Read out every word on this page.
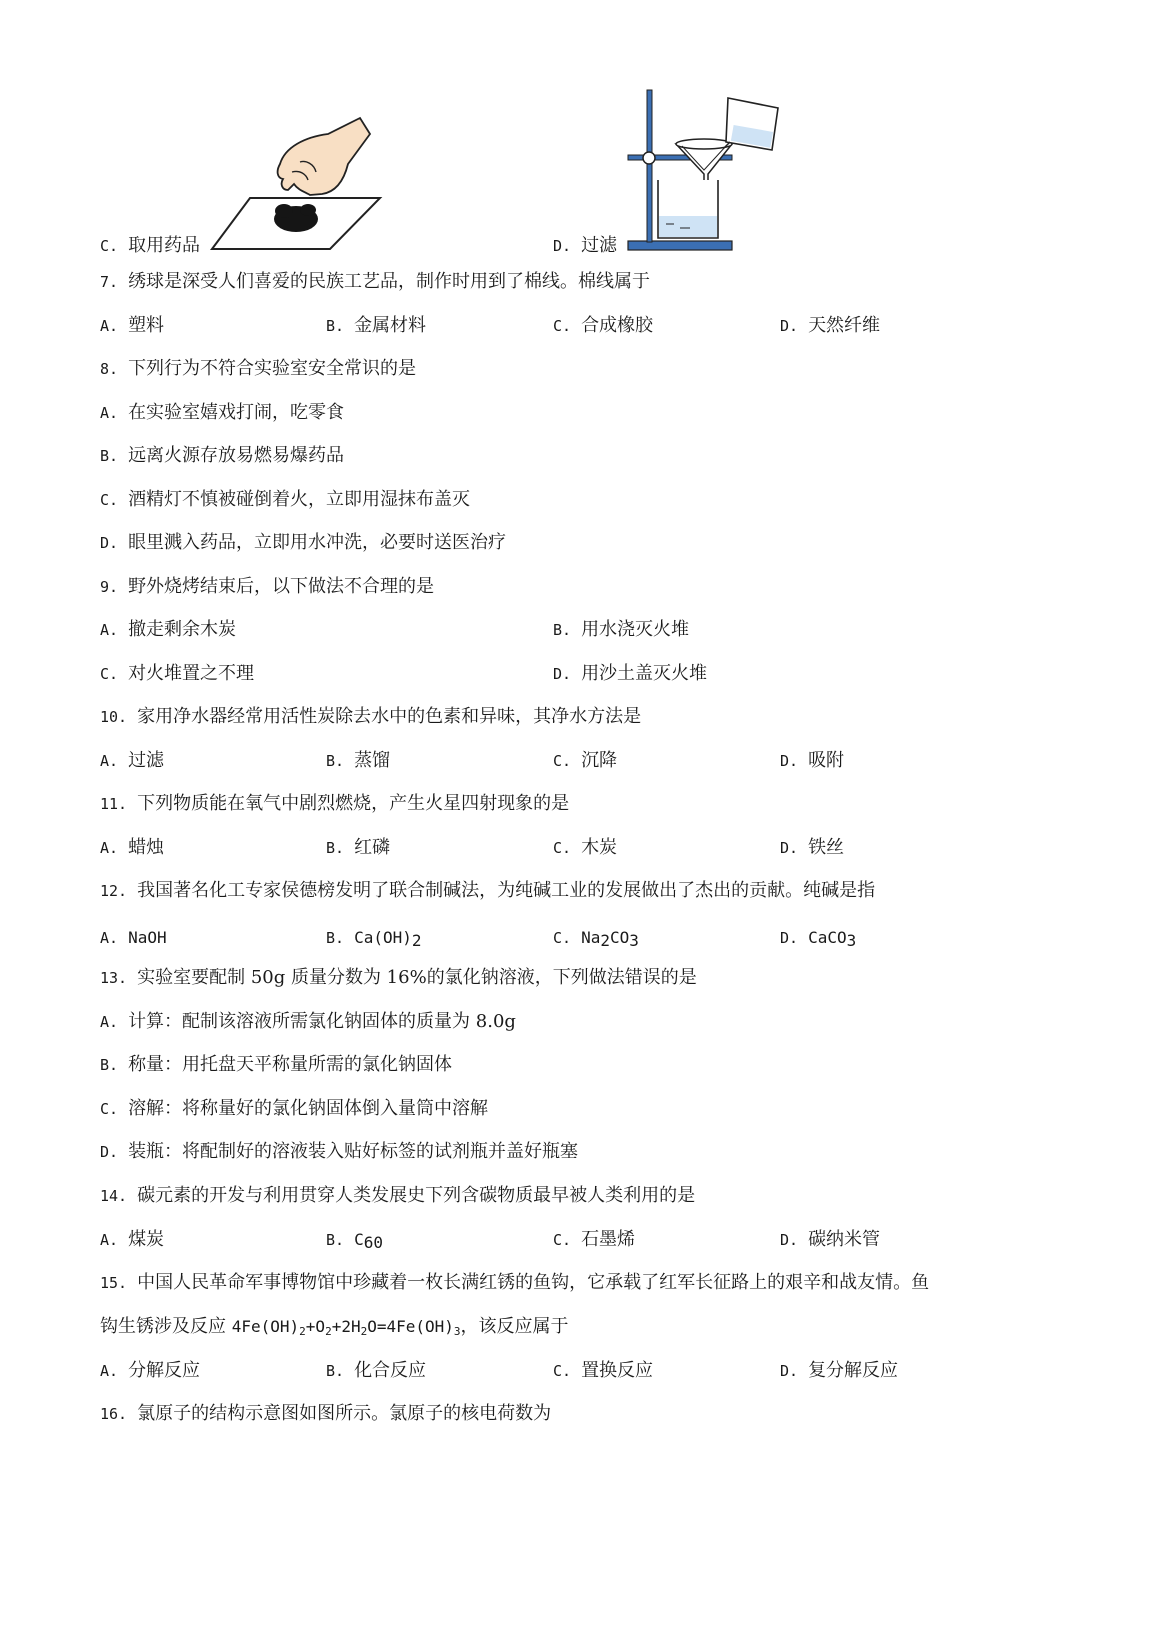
C. 取用药品	D. 过滤
7. 绣球是深受人们喜爱的民族工艺品，制作时用到了棉线。棉线属于
A. 塑料	B. 金属材料	C. 合成橡胶	D. 天然纤维
8. 下列行为不符合实验室安全常识的是
A. 在实验室嬉戏打闹，吃零食
B. 远离火源存放易燃易爆药品
C. 酒精灯不慎被碰倒着火，立即用湿抹布盖灭
D. 眼里溅入药品，立即用水冲洗，必要时送医治疗
9. 野外烧烤结束后，以下做法不合理的是
A. 撤走剩余木炭	B. 用水浇灭火堆
C. 对火堆置之不理	D. 用沙土盖灭火堆
10. 家用净水器经常用活性炭除去水中的色素和异味，其净水方法是
A. 过滤	B. 蒸馏	C. 沉降	D. 吸附
11. 下列物质能在氧气中剧烈燃烧，产生火星四射现象的是
A. 蜡烛	B. 红磷	C. 木炭	D. 铁丝
12. 我国著名化工专家侯德榜发明了联合制碱法，为纯碱工业的发展做出了杰出的贡献。纯碱是指
A. NaOH	B. $Ca(OH)_2$	C. $Na_2CO_3$	D. CaCO$_3$
13. 实验室要配制 50g 质量分数为 16%的氯化钠溶液，下列做法错误的是
A. 计算：配制该溶液所需氯化钠固体的质量为 8.0g
B. 称量：用托盘天平称量所需的氯化钠固体
C. 溶解：将称量好的氯化钠固体倒入量筒中溶解
D. 装瓶：将配制好的溶液装入贴好标签的试剂瓶并盖好瓶塞
14. 碳元素的开发与利用贯穿人类发展史下列含碳物质最早被人类利用的是
A. 煤炭	B. $C_{60}$	C. 石墨烯	D. 碳纳米管
15. 中国人民革命军事博物馆中珍藏着一枚长满红锈的鱼钩，它承载了红军长征路上的艰辛和战友情。鱼
钩生锈涉及反应 $4Fe(OH)_2+O_2+2H_2O=4Fe(OH)_3$，该反应属于
A. 分解反应	B. 化合反应	C. 置换反应	D. 复分解反应
16. 氯原子的结构示意图如图所示。氯原子的核电荷数为
